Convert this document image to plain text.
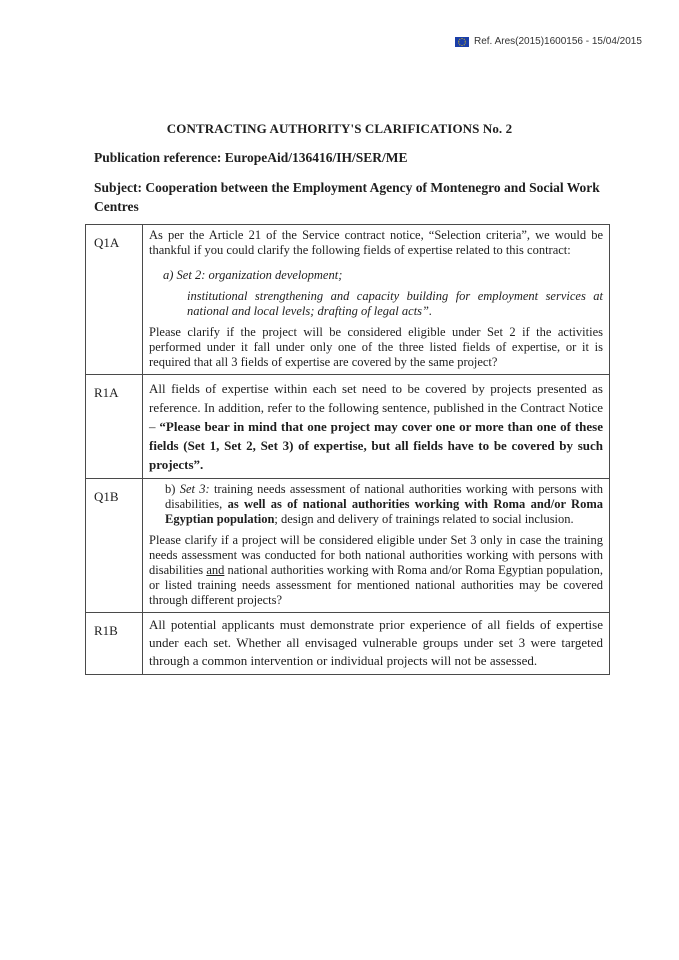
Ref. Ares(2015)1600156 - 15/04/2015
CONTRACTING AUTHORITY'S CLARIFICATIONS No. 2
Publication reference: EuropeAid/136416/IH/SER/ME
Subject: Cooperation between the Employment Agency of Montenegro and Social Work Centres
Q1A	As per the Article 21 of the Service contract notice, “Selection criteria”, we would be thankful if you could clarify the following fields of expertise related to this contract:
a) Set 2: organization development;
institutional strengthening and capacity building for employment services at national and local levels; drafting of legal acts”.
Please clarify if the project will be considered eligible under Set 2 if the activities performed under it fall under only one of the three listed fields of expertise, or it is required that all 3 fields of expertise are covered by the same project?

R1A	All fields of expertise within each set need to be covered by projects presented as reference. In addition, refer to the following sentence, published in the Contract Notice – “Please bear in mind that one project may cover one or more than one of these fields (Set 1, Set 2, Set 3) of expertise, but all fields have to be covered by such projects”.
Q1B	b) Set 3: training needs assessment of national authorities working with persons with disabilities, as well as of national authorities working with Roma and/or Roma Egyptian population; design and delivery of trainings related to social inclusion.
Please clarify if a project will be considered eligible under Set 3 only in case the training needs assessment was conducted for both national authorities working with persons with disabilities and national authorities working with Roma and/or Roma Egyptian population, or listed training needs assessment for mentioned national authorities may be covered through different projects?

R1B	All potential applicants must demonstrate prior experience of all fields of expertise under each set. Whether all envisaged vulnerable groups under set 3 were targeted through a common intervention or individual projects will not be assessed.
